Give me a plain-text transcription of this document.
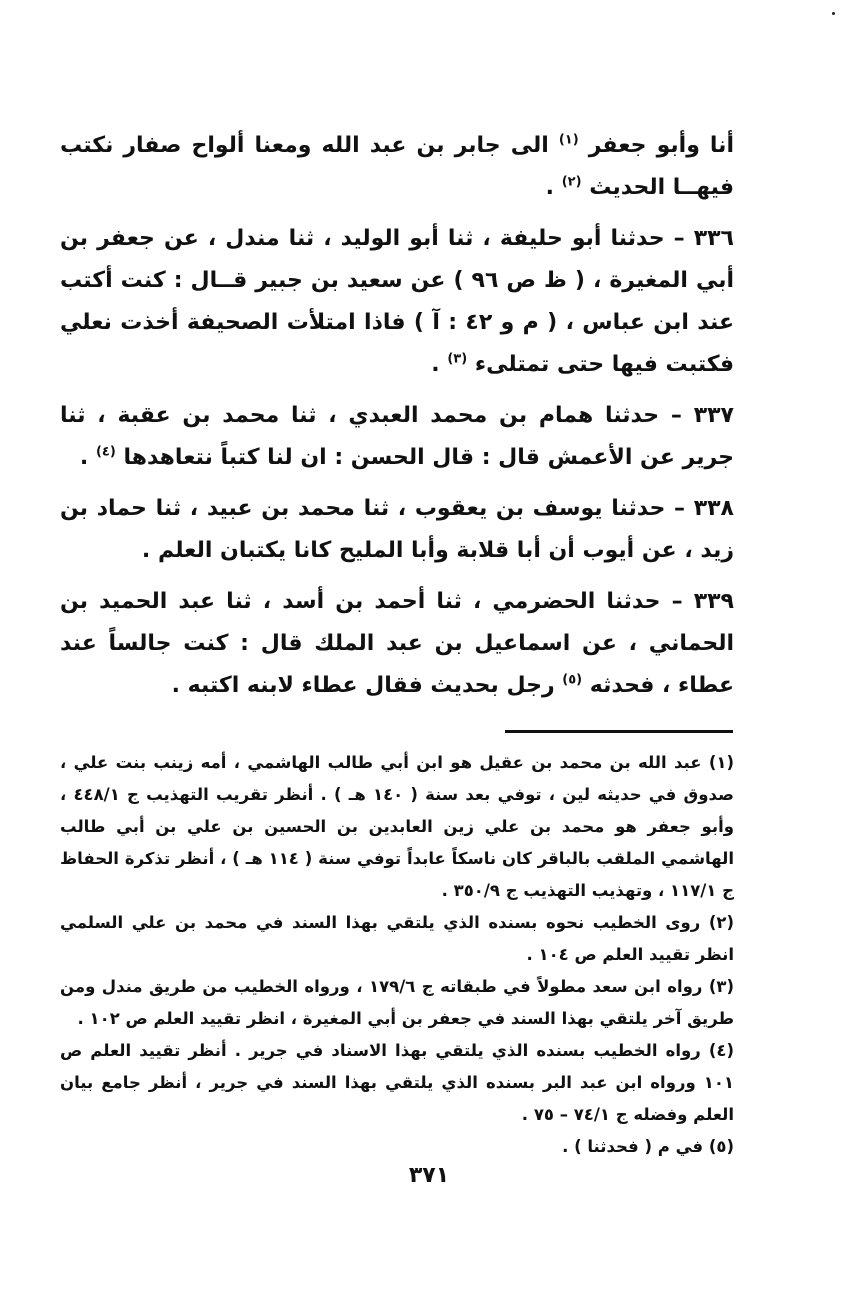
أنا وأبو جعفر $^{(١)}$ الى جابر بن عبد الله ومعنا ألواح صفار نكتب فيهــا الحديث $^{(٢)}$ .

٣٣٦ – حدثنا أبو حليفة ، ثنا أبو الوليد ، ثنا مندل ، عن جعفر بن أبي المغيرة ، ( ظ ص ٩٦ ) عن سعيد بن جبير قــال : كنت أكتب عند ابن عباس ، ( م و ٤٢ : آ ) فاذا امتلأت الصحيفة أخذت نعلي فكتبت فيها حتى تمتلىء $^{(٣)}$ .

٣٣٧ – حدثنا همام بن محمد العبدي ، ثنا محمد بن عقبة ، ثنا جرير عن الأعمش قال : قال الحسن : ان لنا كتباً نتعاهدها $^{(٤)}$ .

٣٣٨ – حدثنا يوسف بن يعقوب ، ثنا محمد بن عبيد ، ثنا حماد بن زيد ، عن أيوب أن أبا قلابة وأبا المليح كانا يكتبان العلم .

٣٣٩ – حدثنا الحضرمي ، ثنا أحمد بن أسد ، ثنا عبد الحميد بن الحماني ، عن اسماعيل بن عبد الملك قال : كنت جالساً عند عطاء ، فحدثه $^{(٥)}$ رجل بحديث فقال عطاء لابنه اكتبه .

(١) عبد الله بن محمد بن عقيل هو ابن أبي طالب الهاشمي ، أمه زينب بنت علي ، صدوق في حديثه لين ، توفي بعد سنة ( ١٤٠ هـ ) . أنظر تقريب التهذيب ج ٤٤٨/١ ، وأبو جعفر هو محمد بن علي زين العابدين بن الحسين بن علي بن أبي طالب الهاشمي الملقب بالباقر كان ناسكاً عابداً توفي سنة ( ١١٤ هـ ) ، أنظر تذكرة الحفاظ ج ١١٧/١ ، وتهذيب التهذيب ج ٣٥٠/٩ .

(٢) روى الخطيب نحوه بسنده الذي يلتقي بهذا السند في محمد بن علي السلمي انظر تقييد العلم ص ١٠٤ .

(٣) رواه ابن سعد مطولاً في طبقاته ج ١٧٩/٦ ، ورواه الخطيب من طريق مندل ومن طريق آخر يلتقي بهذا السند في جعفر بن أبي المغيرة ، انظر تقييد العلم ص ١٠٢ .

(٤) رواه الخطيب بسنده الذي يلتقي بهذا الاسناد في جرير . أنظر تقييد العلم ص ١٠١ ورواه ابن عبد البر بسنده الذي يلتقي بهذا السند في جرير ، أنظر جامع بيان العلم وفضله ج ٧٤/١ – ٧٥ .

(٥) في م ( فحدثنا ) .

٣٧١
